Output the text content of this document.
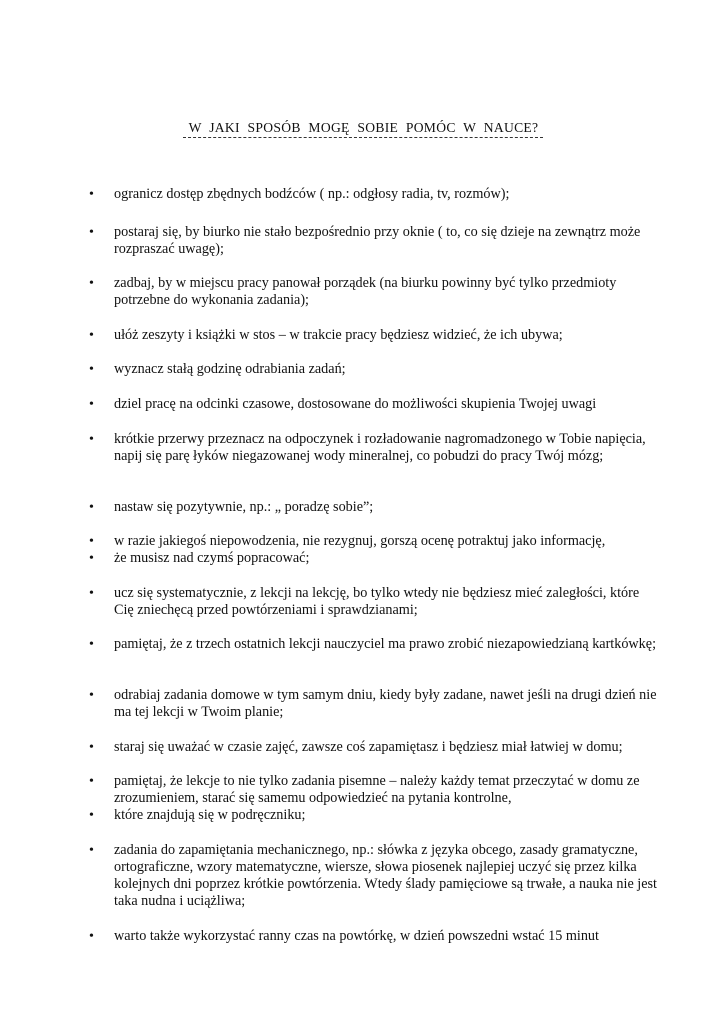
W JAKI SPOSÓB MOGĘ SOBIE POMÓC W NAUCE?
•
ogranicz dostęp zbędnych bodźców ( np.: odgłosy radia, tv, rozmów);
•
postaraj się, by biurko nie stało bezpośrednio przy oknie ( to, co się dzieje na zewnątrz może rozpraszać uwagę);
•
zadbaj, by w miejscu pracy panował porządek (na biurku powinny być tylko przedmioty potrzebne do wykonania zadania);
•
ułóż zeszyty i książki w stos – w trakcie pracy będziesz widzieć, że ich ubywa;
•
wyznacz stałą godzinę odrabiania zadań;
•
dziel pracę na odcinki czasowe, dostosowane do możliwości skupienia Twojej uwagi
•
krótkie przerwy przeznacz na odpoczynek i rozładowanie nagromadzonego w Tobie napięcia, napij się parę łyków niegazowanej wody mineralnej, co pobudzi do pracy Twój mózg;
•
nastaw się pozytywnie, np.: „ poradzę sobie”;
•
w razie jakiegoś niepowodzenia, nie rezygnuj, gorszą ocenę potraktuj jako informację,
•
że musisz nad czymś popracować;
•
ucz się systematycznie, z lekcji na lekcję, bo tylko wtedy nie będziesz mieć zaległości, które Cię zniechęcą przed powtórzeniami i sprawdzianami;
•
pamiętaj, że z trzech ostatnich lekcji nauczyciel ma prawo zrobić niezapowiedzianą kartkówkę;
•
odrabiaj zadania domowe w tym samym dniu, kiedy były zadane, nawet jeśli na drugi dzień nie ma tej lekcji w Twoim planie;
•
staraj się uważać w czasie zajęć, zawsze coś zapamiętasz i będziesz miał łatwiej w domu;
•
pamiętaj, że lekcje to nie tylko zadania pisemne – należy każdy temat przeczytać w domu ze zrozumieniem, starać się samemu odpowiedzieć na pytania kontrolne,
•
które znajdują się w podręczniku;
•
zadania do zapamiętania mechanicznego, np.: słówka z języka obcego, zasady gramatyczne, ortograficzne, wzory matematyczne, wiersze, słowa piosenek najlepiej uczyć się przez kilka kolejnych dni poprzez krótkie powtórzenia. Wtedy ślady pamięciowe są trwałe, a nauka nie jest taka nudna i uciążliwa;
•
warto także wykorzystać ranny czas na powtórkę, w dzień powszedni wstać 15 minut
